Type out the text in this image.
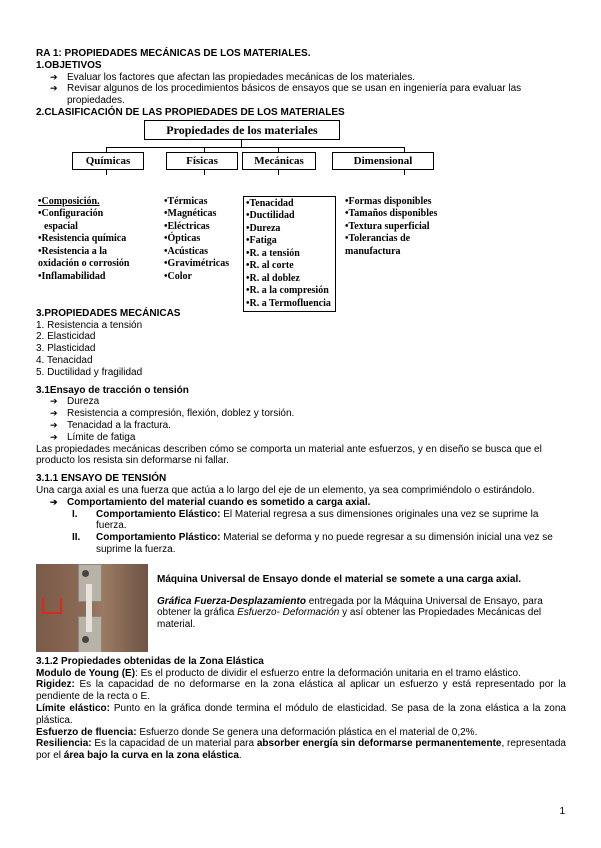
RA 1: PROPIEDADES MECÁNICAS DE LOS MATERIALES.
1.OBJETIVOS
➔ Evaluar los factores que afectan las propiedades mecánicas de los materiales.
➔ Revisar algunos de los procedimientos básicos de ensayos que se usan en ingeniería para evaluar las propiedades.
2.CLASIFICACIÓN DE LAS PROPIEDADES DE LOS MATERIALES
Propiedades de los materiales
Químicas	Físicas	Mecánicas	Dimensional
•Composición.
•Configuración
espacial
•Resistencia química
•Resistencia a la
oxidación o corrosión
•Inflamabilidad
•Térmicas
•Magnéticas
•Eléctricas
•Ópticas
•Acústicas
•Gravimétricas
•Color
•Tenacidad
•Ductilidad
•Dureza
•Fatiga
•R. a tensión
•R. al corte
•R. al doblez
•R. a la compresión
•R. a Termofluencia
•Formas disponibles
•Tamaños disponibles
•Textura superficial
•Tolerancias de
manufactura
3.PROPIEDADES MECÁNICAS
1. Resistencia a tensión
2. Elasticidad
3. Plasticidad
4. Tenacidad
5. Ductilidad y fragilidad
3.1Ensayo de tracción o tensión
➔ Dureza
➔ Resistencia a compresión, flexión, doblez y torsión.
➔ Tenacidad a la fractura.
➔ Límite de fatiga
Las propiedades mecánicas describen cómo se comporta un material ante esfuerzos, y en diseño se busca que el producto los resista sin deformarse ni fallar.
3.1.1 ENSAYO DE TENSIÓN
Una carga axial es una fuerza que actúa a lo largo del eje de un elemento, ya sea comprimiéndolo o estirándolo.
➔ Comportamiento del material cuando es sometido a carga axial.
I. Comportamiento Elástico: El Material regresa a sus dimensiones originales una vez se suprime la fuerza.
II. Comportamiento Plástico: Material se deforma y no puede regresar a su dimensión inicial una vez se suprime la fuerza.
Máquina Universal de Ensayo donde el material se somete a una carga axial.
Gráfica Fuerza-Desplazamiento entregada por la Máquina Universal de Ensayo, para obtener la gráfica Esfuerzo- Deformación y así obtener las Propiedades Mecánicas del material.
3.1.2 Propiedades obtenidas de la Zona Elástica
Modulo de Young (E): Es el producto de dividir el esfuerzo entre la deformación unitaria en el tramo elástico.
Rigidez: Es la capacidad de no deformarse en la zona elástica al aplicar un esfuerzo y está representado por la pendiente de la recta o E.
Límite elástico: Punto en la gráfica donde termina el módulo de elasticidad. Se pasa de la zona elástica a la zona plástica.
Esfuerzo de fluencia: Esfuerzo donde Se genera una deformación plástica en el material de 0,2%.
Resiliencia: Es la capacidad de un material para absorber energía sin deformarse permanentemente, representada por el área bajo la curva en la zona elástica.
1
